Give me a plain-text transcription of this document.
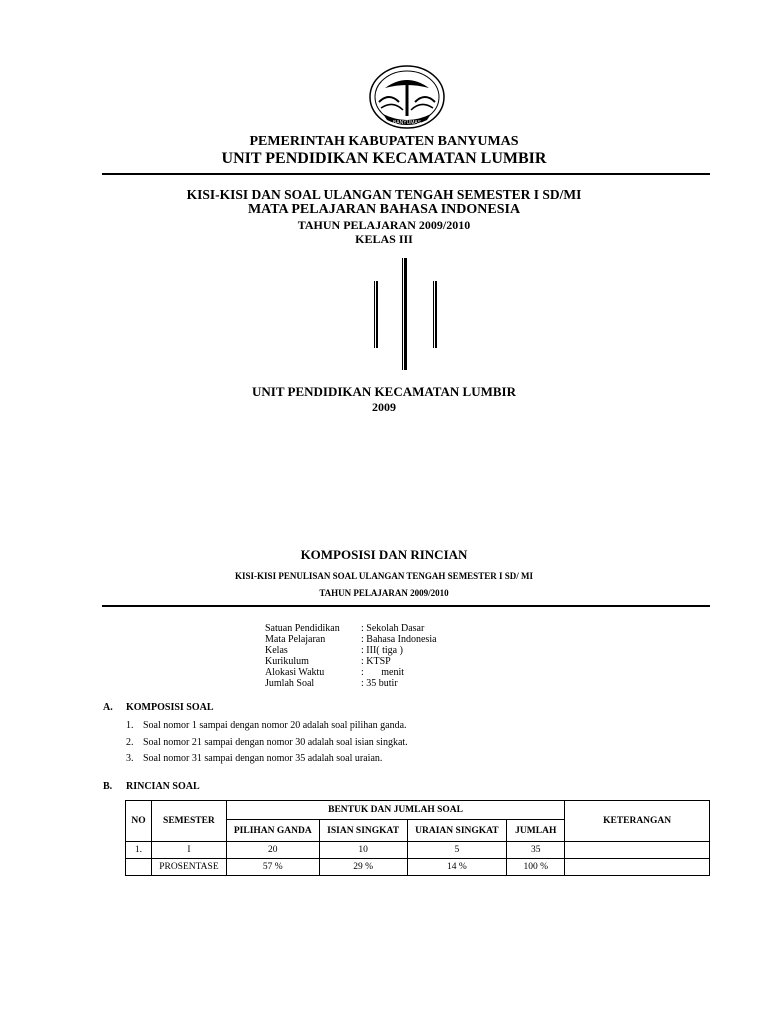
BANYUMAS
PEMERINTAH KABUPATEN BANYUMAS
UNIT PENDIDIKAN KECAMATAN LUMBIR
KISI-KISI DAN SOAL ULANGAN TENGAH SEMESTER I SD/MI
MATA PELAJARAN BAHASA INDONESIA
TAHUN PELAJARAN 2009/2010
KELAS III
UNIT PENDIDIKAN KECAMATAN LUMBIR
2009
KOMPOSISI DAN RINCIAN
KISI-KISI PENULISAN SOAL ULANGAN TENGAH SEMESTER I SD/ MI
TAHUN PELAJARAN 2009/2010
Satuan Pendidikan : Sekolah Dasar
Mata Pelajaran	: Bahasa Indonesia
Kelas	: III( tiga )
Kurikulum	: KTSP
Alokasi Waktu	:       menit
Jumlah Soal	: 35 butir
A. KOMPOSISI SOAL
1. Soal nomor 1 sampai dengan nomor 20 adalah soal pilihan ganda.
2. Soal nomor 21 sampai dengan nomor 30 adalah soal isian singkat.
3. Soal nomor 31 sampai dengan nomor 35 adalah soal uraian.
B. RINCIAN SOAL
NO	SEMESTER	BENTUK DAN JUMLAH SOAL				KETERANGAN
		PILIHAN GANDA	ISIAN SINGKAT	URAIAN SINGKAT	JUMLAH	
1.	I	20	10	5	35	
	PROSENTASE	57 %	29 %	14 %	100 %	
